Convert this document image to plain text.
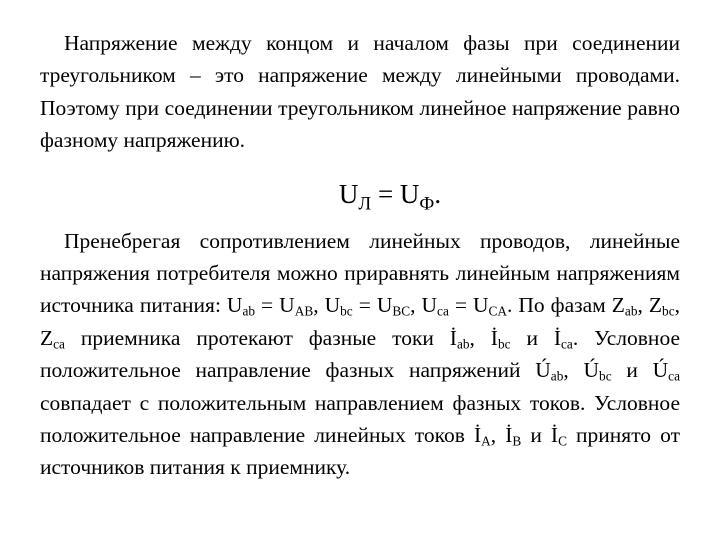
Напряжение между концом и началом фазы при соединении треугольником – это напряжение между линейными проводами. Поэтому при соединении треугольником линейное напряжение равно фазному напряжению.

$U_Л = U_Ф$.

Пренебрегая сопротивлением линейных проводов, линейные напряжения потребителя можно приравнять линейным напряжениям источника питания: $U_{ab} = U_{AB}$, $U_{bc} = U_{BC}$, $U_{ca} = U_{CA}$. По фазам $Z_{ab}$, $Z_{bc}$, $Z_{ca}$ приемника протекают фазные токи $İ_{ab}$, $İ_{bc}$ и $İ_{ca}$. Условное положительное направление фазных напряжений $Ú_{ab}$, $Ú_{bc}$ и $Ú_{ca}$ совпадает с положительным направлением фазных токов. Условное положительное направление линейных токов $İ_A$, $İ_B$ и $İ_C$ принято от источников питания к приемнику.
